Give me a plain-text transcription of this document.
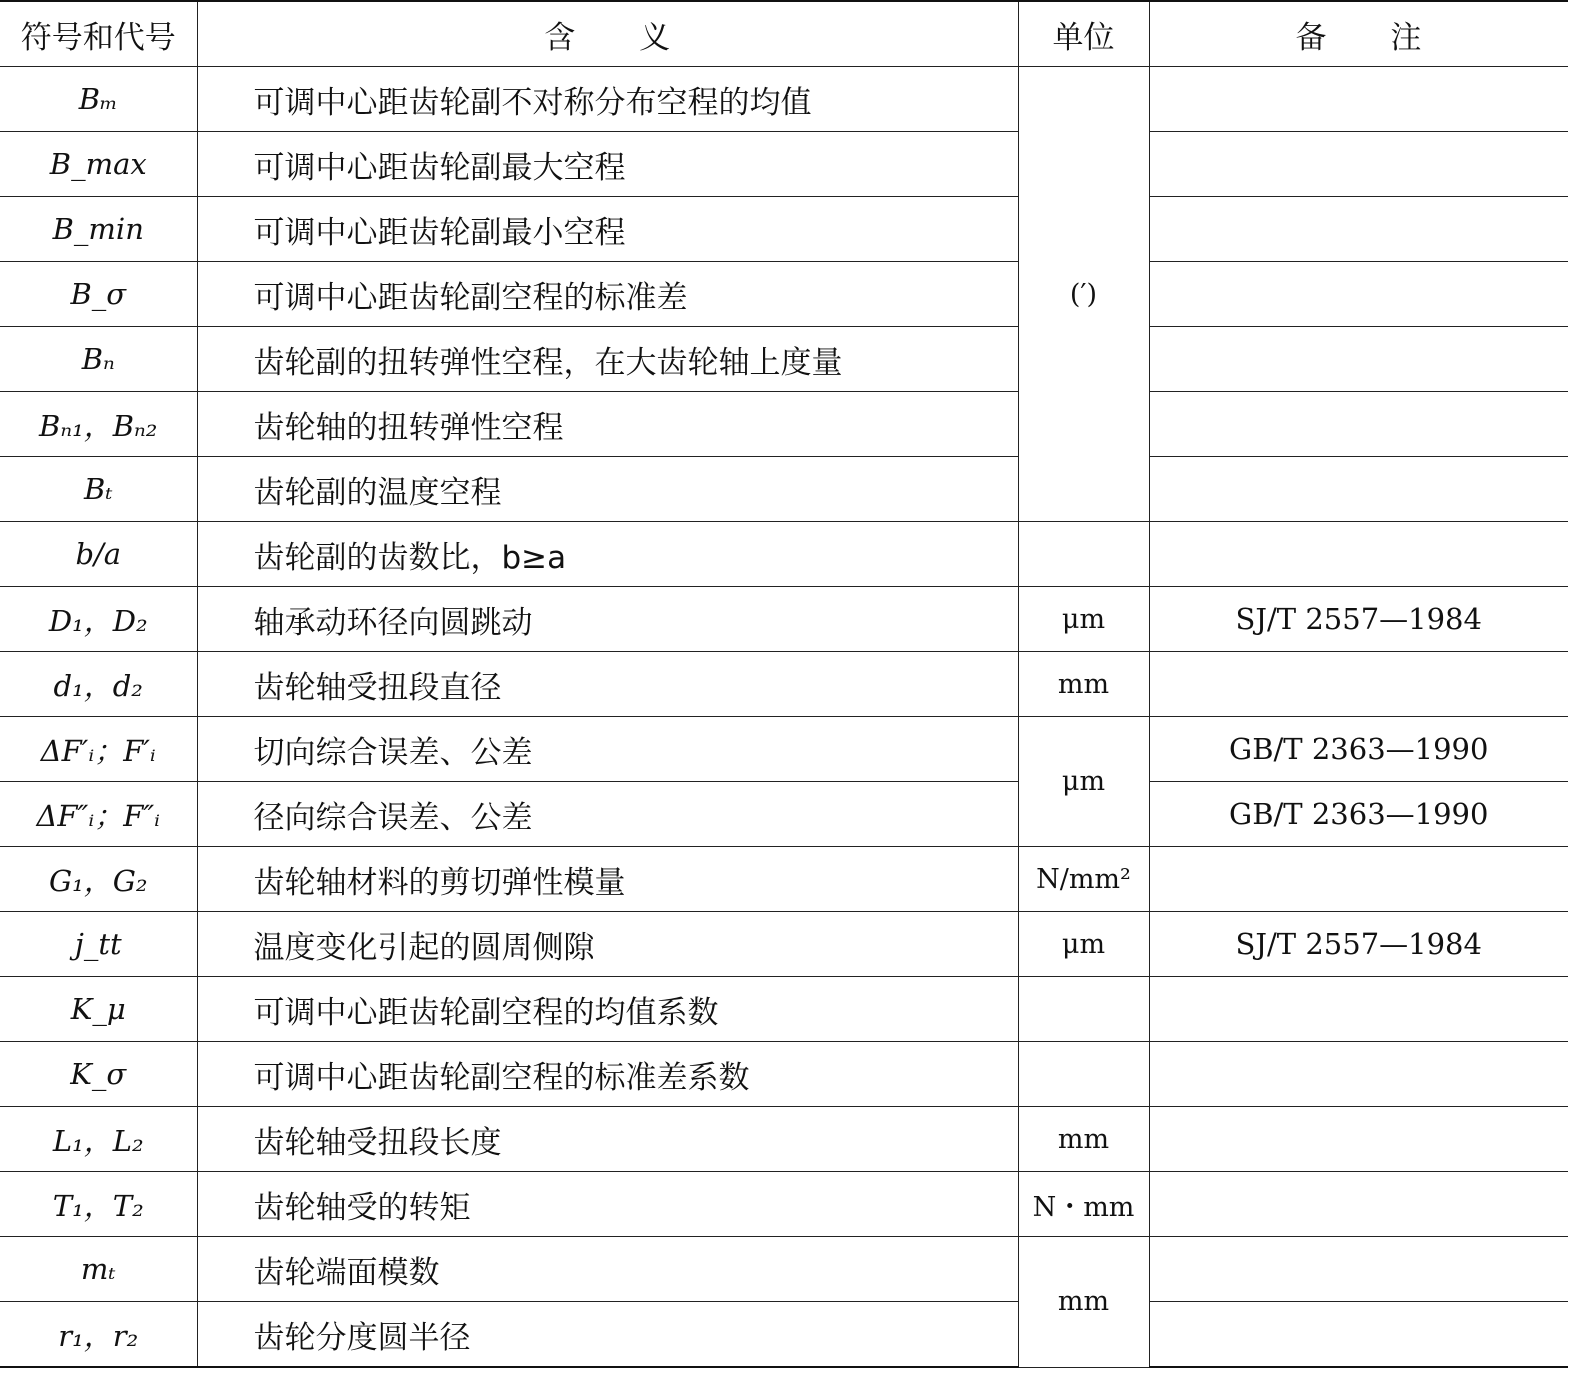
符号和代号	含　　义	单位	备　　注
Bₘ	可调中心距齿轮副不对称分布空程的均值	(′)	
B_max	可调中心距齿轮副最大空程		
B_min	可调中心距齿轮副最小空程		
B_σ	可调中心距齿轮副空程的标准差		
Bₙ	齿轮副的扭转弹性空程，在大齿轮轴上度量		
Bₙ₁，Bₙ₂	齿轮轴的扭转弹性空程		
Bₜ	齿轮副的温度空程		
b/a	齿轮副的齿数比，b≥a		
D₁，D₂	轴承动环径向圆跳动	μm	SJ/T 2557—1984
d₁，d₂	齿轮轴受扭段直径	mm	
ΔF′ᵢ；F′ᵢ	切向综合误差、公差	μm	GB/T 2363—1990
ΔF″ᵢ；F″ᵢ	径向综合误差、公差		GB/T 2363—1990
G₁，G₂	齿轮轴材料的剪切弹性模量	N/mm²	
j_tt	温度变化引起的圆周侧隙	μm	SJ/T 2557—1984
K_μ	可调中心距齿轮副空程的均值系数		
K_σ	可调中心距齿轮副空程的标准差系数		
L₁，L₂	齿轮轴受扭段长度	mm	
T₁，T₂	齿轮轴受的转矩	N・mm	
mₜ	齿轮端面模数	mm	
r₁，r₂	齿轮分度圆半径		
